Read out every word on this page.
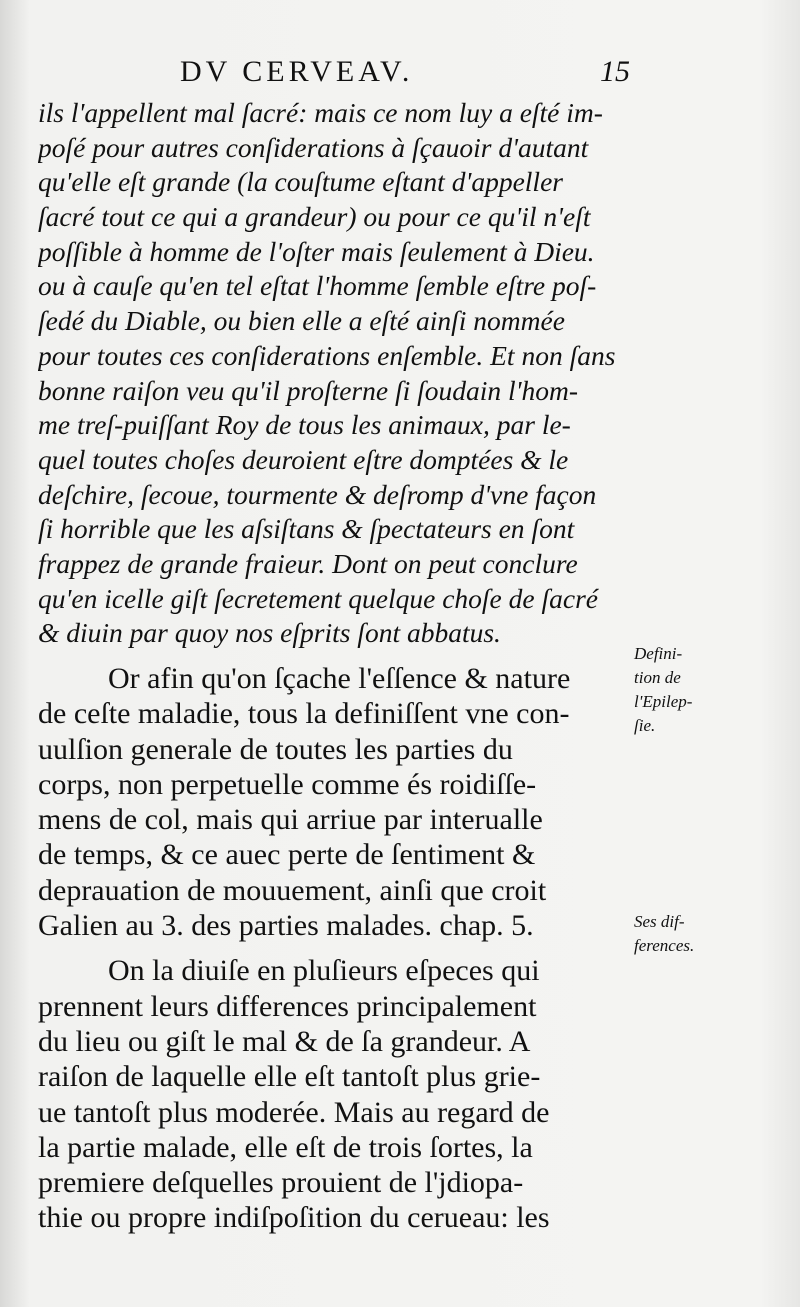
DV CERVEAV.	15
ils l'appellent mal ſacré: mais ce nom luy a eſté im-
poſé pour autres conſiderations à ſçauoir d'autant
qu'elle eſt grande (la couſtume eſtant d'appeller
ſacré tout ce qui a grandeur) ou pour ce qu'il n'eſt
poſſible à homme de l'oſter mais ſeulement à Dieu.
ou à cauſe qu'en tel eſtat l'homme ſemble eſtre poſ-
ſedé du Diable, ou bien elle a eſté ainſi nommée
pour toutes ces conſiderations enſemble. Et non ſans
bonne raiſon veu qu'il proſterne ſi ſoudain l'hom-
me treſ-puiſſant Roy de tous les animaux, par le-
quel toutes choſes deuroient eſtre domptées & le
deſchire, ſecoue, tourmente & deſromp d'vne façon
ſi horrible que les aſsiſtans & ſpectateurs en ſont
frappez de grande fraieur. Dont on peut conclure
qu'en icelle giſt ſecretement quelque choſe de ſacré
& diuin par quoy nos eſprits ſont abbatus.
Or afin qu'on ſçache l'eſſence & nature
de ceſte maladie, tous la definiſſent vne con-
uulſion generale de toutes les parties du
corps, non perpetuelle comme és roidiſſe-
mens de col, mais qui arriue par interualle
de temps, & ce auec perte de ſentiment &
deprauation de mouuement, ainſi que croit
Galien au 3. des parties malades. chap. 5.
On la diuiſe en pluſieurs eſpeces qui
prennent leurs differences principalement
du lieu ou giſt le mal & de ſa grandeur. A
raiſon de laquelle elle eſt tantoſt plus grie-
ue tantoſt plus moderée. Mais au regard de
la partie malade, elle eſt de trois ſortes, la
premiere deſquelles prouient de l'jdiopa-
thie ou propre indiſpoſition du cerueau: les
Defini-
tion de
l'Epilep-
ſie.
Ses dif-
ferences.
